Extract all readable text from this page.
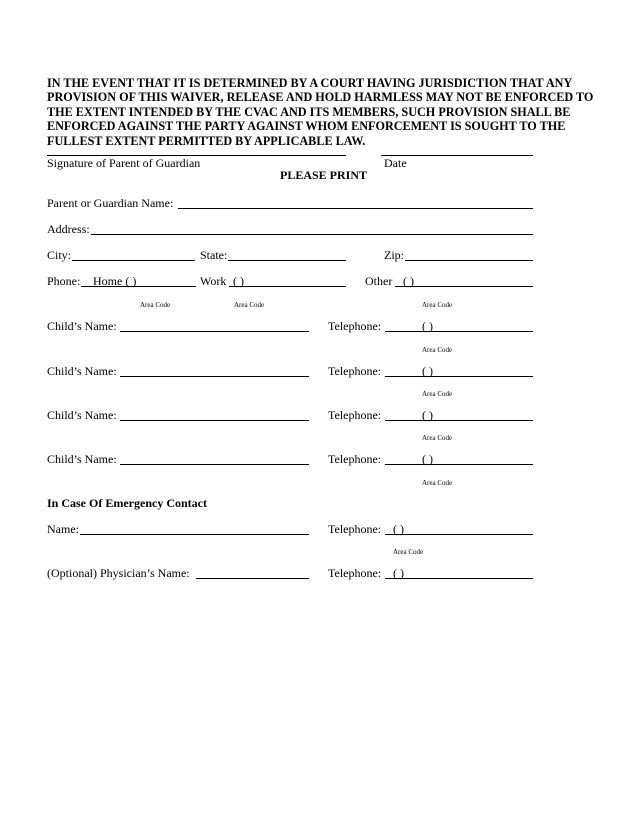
IN THE EVENT THAT IT IS DETERMINED BY A COURT HAVING JURISDICTION THAT ANY PROVISION OF THIS WAIVER, RELEASE AND HOLD HARMLESS MAY NOT BE ENFORCED TO THE EXTENT INTENDED BY THE CVAC AND ITS MEMBERS, SUCH PROVISION SHALL BE ENFORCED AGAINST THE PARTY AGAINST WHOM ENFORCEMENT IS SOUGHT TO THE FULLEST EXTENT PERMITTED BY APPLICABLE LAW.
Signature of Parent of Guardian	Date
PLEASE PRINT
Parent or Guardian Name:
Address:
City:	State:	Zip:
Phone: Home ( )	Work ( )	Other ( )
Area Code	Area Code	Area Code
Child’s Name:	Telephone:	( )
Area Code
Child’s Name:	Telephone:	( )
Area Code
Child’s Name:	Telephone:	( )
Area Code
Child’s Name:	Telephone:	( )
Area Code
In Case Of Emergency Contact
Name:	Telephone: ( )
Area Code
(Optional) Physician’s Name:	Telephone: ( )
